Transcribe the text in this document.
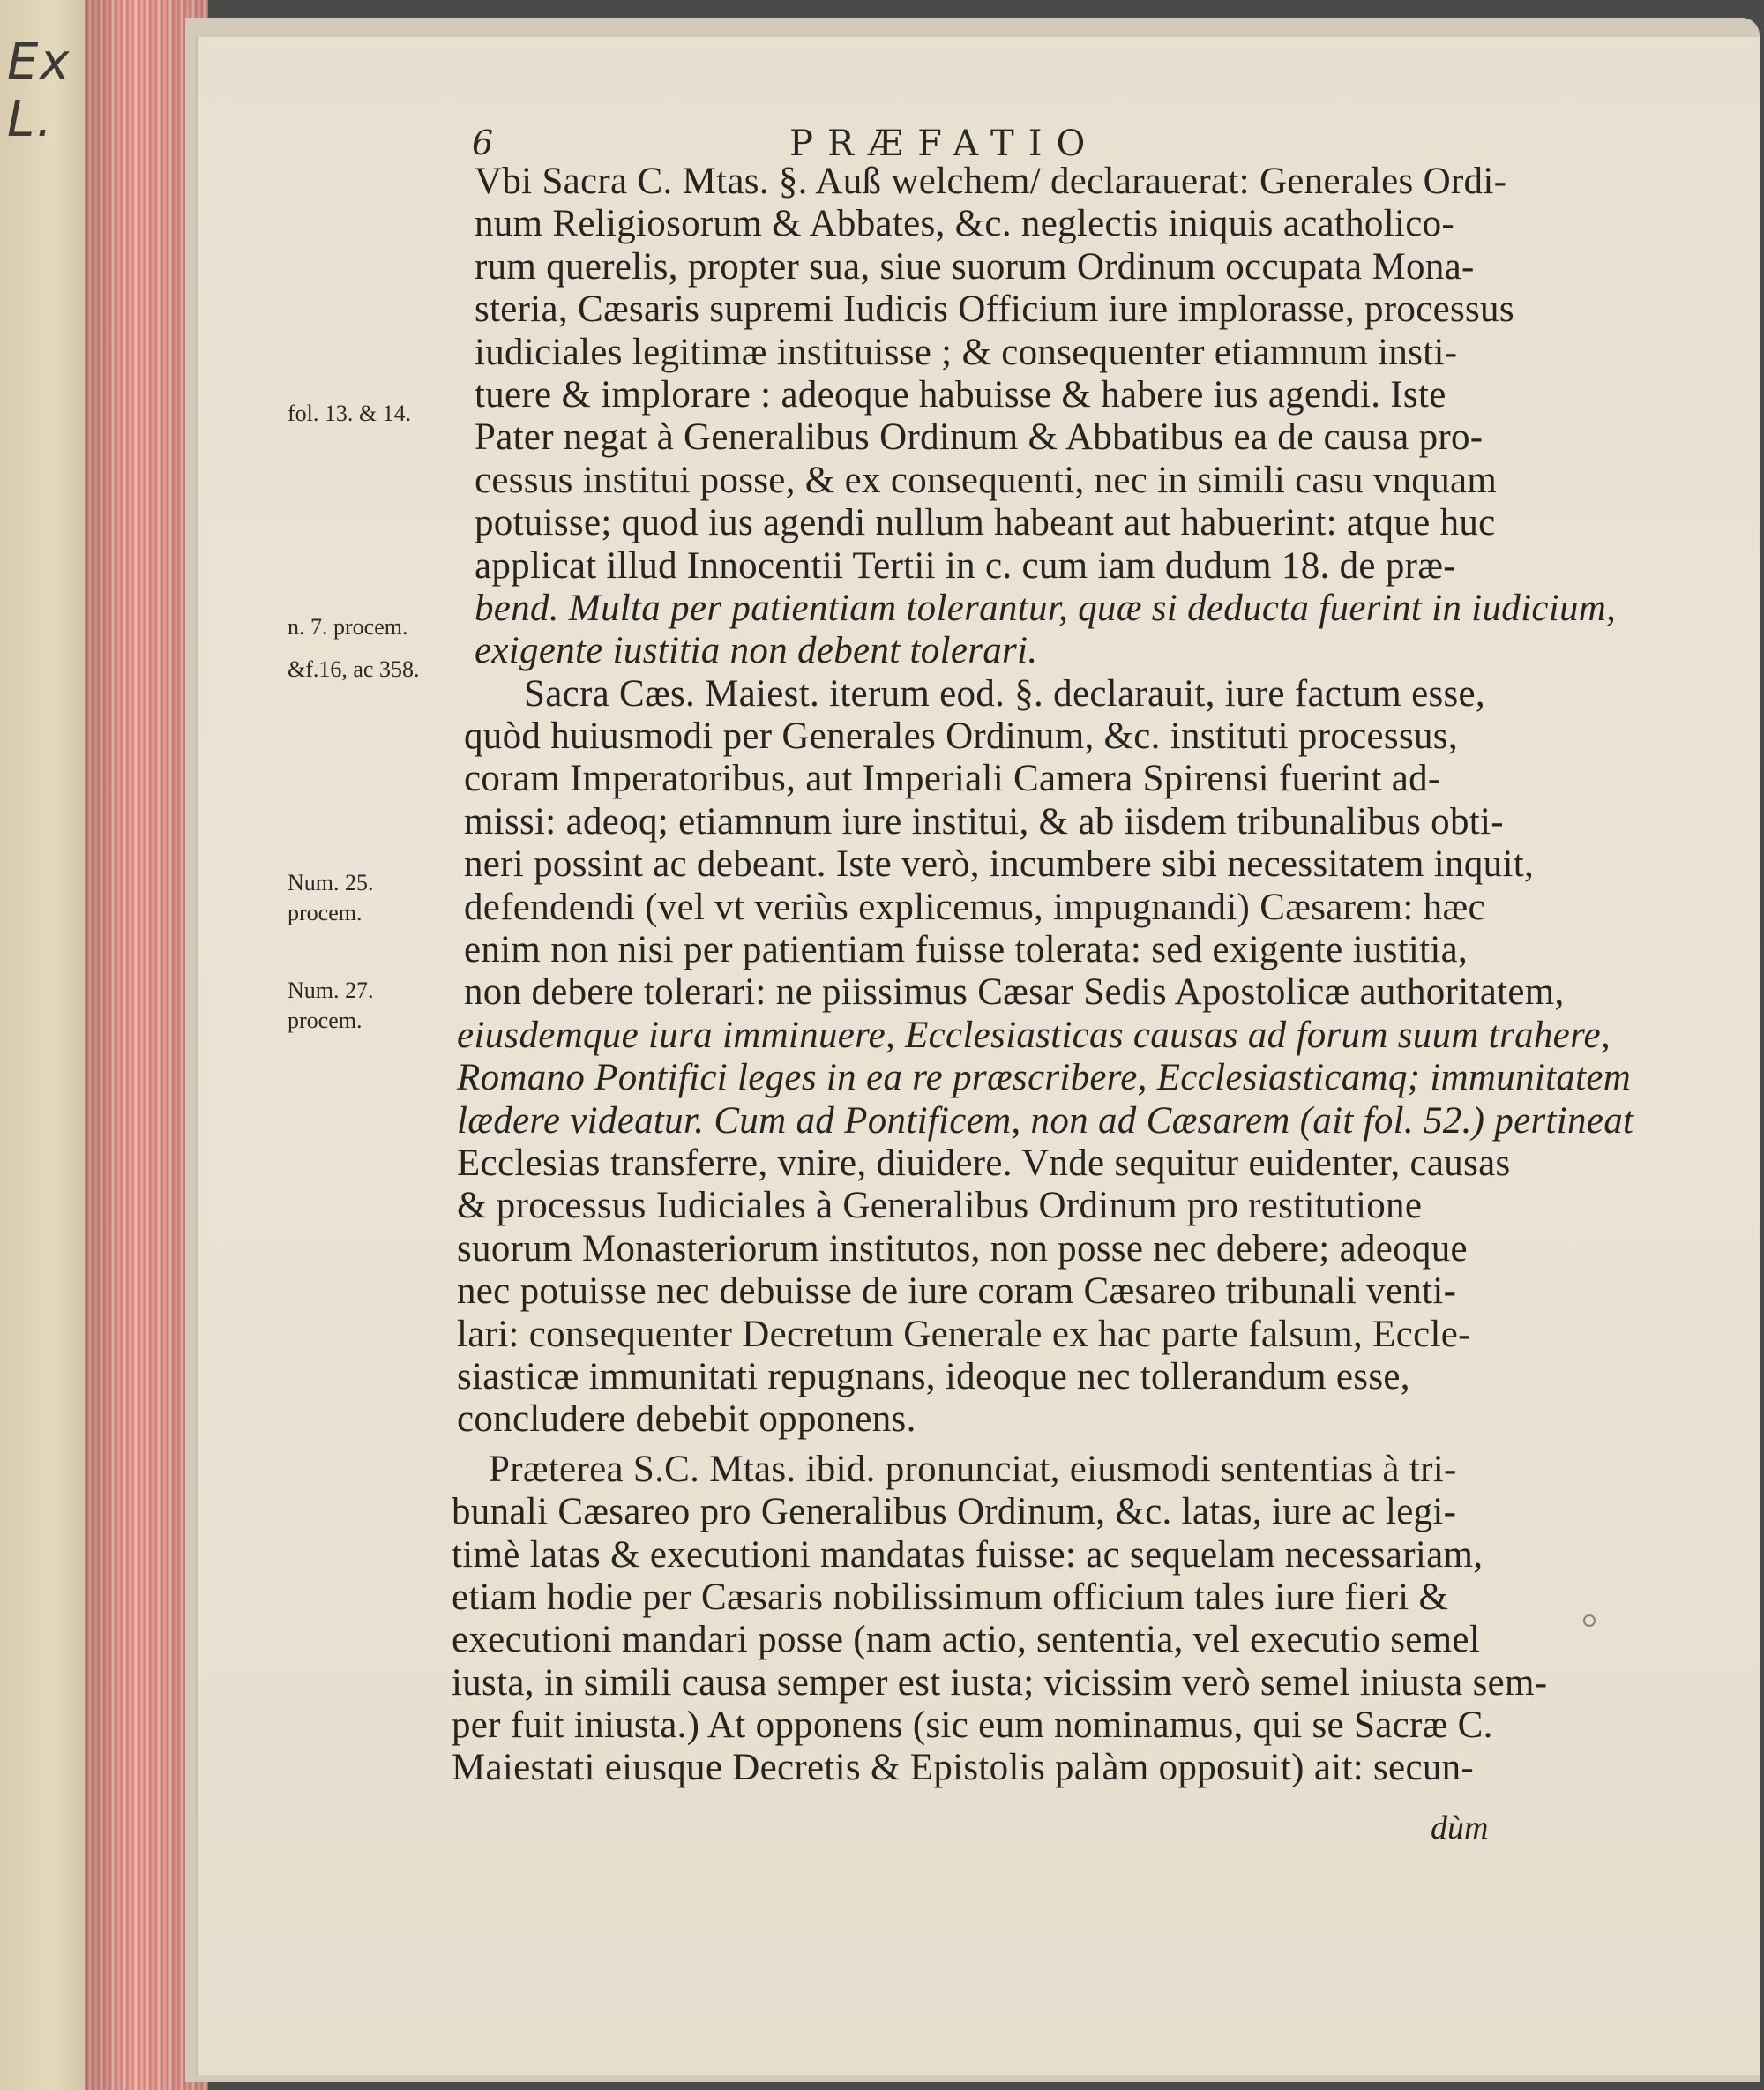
Ex L.	6	PRÆFATIO
fol. 13. & 14.
n. 7. procem.
&f.16, ac 358.
Num. 25.
procem.
Num. 27.
procem.
Vbi Sacra C. Mtas. §. Auß welchem/ declarauerat: Generales Ordi-
num Religiosorum & Abbates, &c. neglectis iniquis acatholico-
rum querelis, propter sua, siue suorum Ordinum occupata Mona-
steria, Cæsaris supremi Iudicis Officium iure implorasse, processus
iudiciales legitimæ instituisse ; & consequenter etiamnum insti-
tuere & implorare : adeoque habuisse & habere ius agendi. Iste
Pater negat à Generalibus Ordinum & Abbatibus ea de causa pro-
cessus institui posse, & ex consequenti, nec in simili casu vnquam
potuisse; quod ius agendi nullum habeant aut habuerint: atque huc
applicat illud Innocentii Tertii in c. cum iam dudum 18. de præ-
bend. Multa per patientiam tolerantur, quæ si deducta fuerint in iudicium,
exigente iustitia non debent tolerari.
Sacra Cæs. Maiest. iterum eod. §. declarauit, iure factum esse,
quòd huiusmodi per Generales Ordinum, &c. instituti processus,
coram Imperatoribus, aut Imperiali Camera Spirensi fuerint ad-
missi: adeoq; etiamnum iure institui, & ab iisdem tribunalibus obti-
neri possint ac debeant. Iste verò, incumbere sibi necessitatem inquit,
defendendi (vel vt veriùs explicemus, impugnandi) Cæsarem: hæc
enim non nisi per patientiam fuisse tolerata: sed exigente iustitia,
non debere tolerari: ne piissimus Cæsar Sedis Apostolicæ authoritatem,
eiusdemque iura imminuere, Ecclesiasticas causas ad forum suum trahere,
Romano Pontifici leges in ea re præscribere, Ecclesiasticamq; immunitatem
lædere videatur. Cum ad Pontificem, non ad Cæsarem (ait fol. 52.) pertineat
Ecclesias transferre, vnire, diuidere. Vnde sequitur euidenter, causas
& processus Iudiciales à Generalibus Ordinum pro restitutione
suorum Monasteriorum institutos, non posse nec debere; adeoque
nec potuisse nec debuisse de iure coram Cæsareo tribunali venti-
lari: consequenter Decretum Generale ex hac parte falsum, Eccle-
siasticæ immunitati repugnans, ideoque nec tollerandum esse,
concludere debebit opponens.
Præterea S.C. Mtas. ibid. pronunciat, eiusmodi sententias à tri-
bunali Cæsareo pro Generalibus Ordinum, &c. latas, iure ac legi-
timè latas & executioni mandatas fuisse: ac sequelam necessariam,
etiam hodie per Cæsaris nobilissimum officium tales iure fieri &
executioni mandari posse (nam actio, sententia, vel executio semel
iusta, in simili causa semper est iusta; vicissim verò semel iniusta sem-
per fuit iniusta.) At opponens (sic eum nominamus, qui se Sacræ C.
Maiestati eiusque Decretis & Epistolis palàm opposuit) ait: secun-
dùm
